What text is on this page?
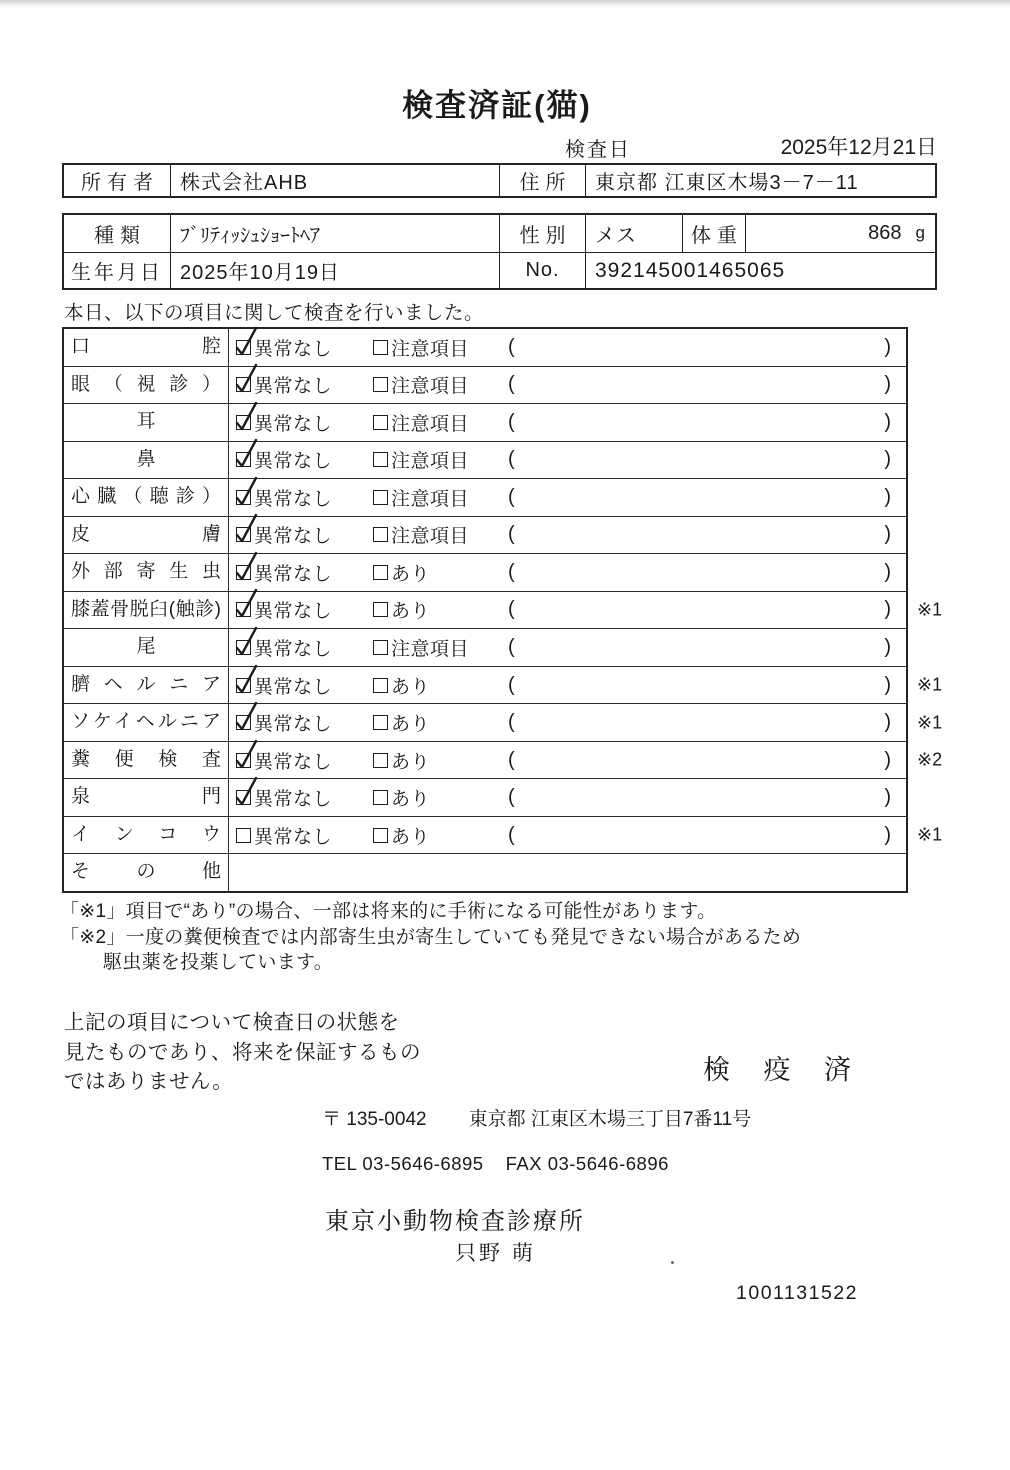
検査済証(猫)
検査日	2025年12月21日
所有者	株式会社AHB	住所	東京都 江東区木場3－7－11
種類	ﾌﾞﾘﾃｨｯｼｭｼｮｰﾄﾍｱ	性別	メス	体重	868 g
生年月日 2025年10月19日	No.	392145001465065
本日、以下の項目に関して検査を行いました。
口腔	異常なし	注意項目 (	)
眼（視診）	異常なし	注意項目 (	)
耳	異常なし	注意項目 (	)
鼻	異常なし	注意項目 (	)
心臓（聴診）	異常なし	注意項目 (	)
皮膚	異常なし	注意項目 (	)
外部寄生虫	異常なし	あり	(	)
膝蓋骨脱臼(触診)	異常なし	あり	(	)	※1
尾	異常なし	注意項目 (	)
臍ヘルニア	異常なし	あり	(	)	※1
ソケイヘルニア	異常なし	あり	(	)	※1
糞便検査	異常なし	あり	(	)	※2
泉門	異常なし	あり	(	)
インコウ	異常なし	あり	(	)	※1
その他
「※1」項目で“あり”の場合、一部は将来的に手術になる可能性があります。
「※2」一度の糞便検査では内部寄生虫が寄生していても発見できない場合があるため
駆虫薬を投薬しています。
上記の項目について検査日の状態を
見たものであり、将来を保証するもの
ではありません。	検 疫 済
〒 135-0042 東京都 江東区木場三丁目7番11号
TEL 03-5646-6895 FAX 03-5646-6896
東京小動物検査診療所
只野 萌
1001131522
